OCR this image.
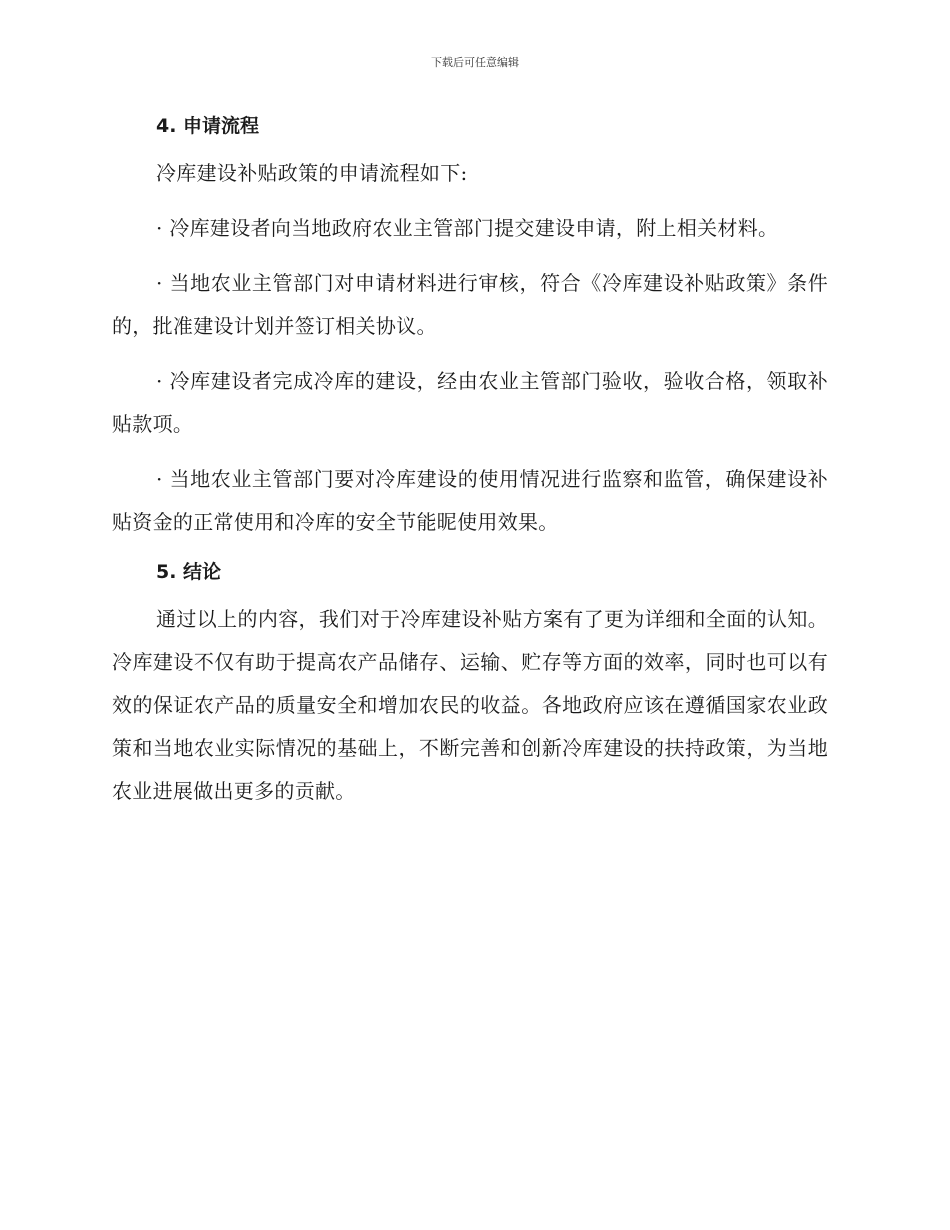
下载后可任意编辑
4. 申请流程

冷库建设补贴政策的申请流程如下:

· 冷库建设者向当地政府农业主管部门提交建设申请，附上相关材料。

· 当地农业主管部门对申请材料进行审核，符合《冷库建设补贴政策》条件的，批准建设计划并签订相关协议。

· 冷库建设者完成冷库的建设，经由农业主管部门验收，验收合格，领取补贴款项。

· 当地农业主管部门要对冷库建设的使用情况进行监察和监管，确保建设补贴资金的正常使用和冷库的安全节能昵使用效果。

5. 结论

通过以上的内容，我们对于冷库建设补贴方案有了更为详细和全面的认知。冷库建设不仅有助于提高农产品储存、运输、贮存等方面的效率，同时也可以有效的保证农产品的质量安全和增加农民的收益。各地政府应该在遵循国家农业政策和当地农业实际情况的基础上，不断完善和创新冷库建设的扶持政策，为当地农业进展做出更多的贡献。
